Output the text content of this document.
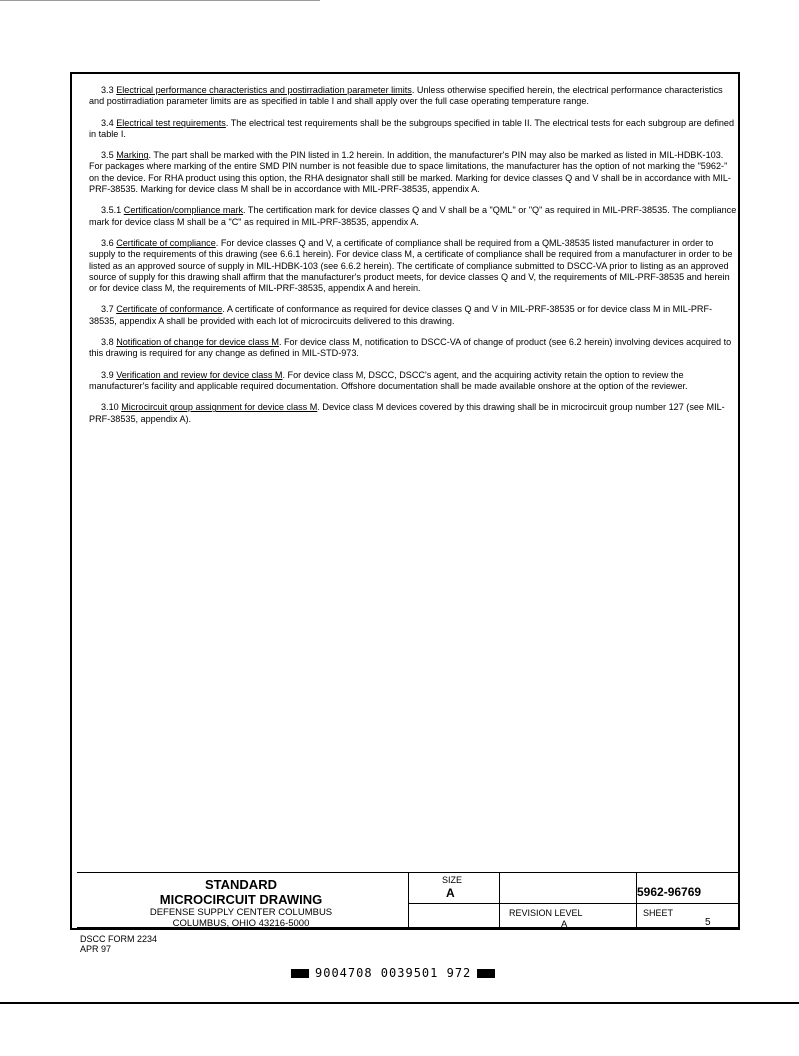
3.3 Electrical performance characteristics and postirradiation parameter limits. Unless otherwise specified herein, the electrical performance characteristics and postirradiation parameter limits are as specified in table I and shall apply over the full case operating temperature range.

3.4 Electrical test requirements. The electrical test requirements shall be the subgroups specified in table II. The electrical tests for each subgroup are defined in table I.

3.5 Marking. The part shall be marked with the PIN listed in 1.2 herein. In addition, the manufacturer's PIN may also be marked as listed in MIL-HDBK-103. For packages where marking of the entire SMD PIN number is not feasible due to space limitations, the manufacturer has the option of not marking the "5962-" on the device. For RHA product using this option, the RHA designator shall still be marked. Marking for device classes Q and V shall be in accordance with MIL-PRF-38535. Marking for device class M shall be in accordance with MIL-PRF-38535, appendix A.

3.5.1 Certification/compliance mark. The certification mark for device classes Q and V shall be a "QML" or "Q" as required in MIL-PRF-38535. The compliance mark for device class M shall be a "C" as required in MIL-PRF-38535, appendix A.

3.6 Certificate of compliance. For device classes Q and V, a certificate of compliance shall be required from a QML-38535 listed manufacturer in order to supply to the requirements of this drawing (see 6.6.1 herein). For device class M, a certificate of compliance shall be required from a manufacturer in order to be listed as an approved source of supply in MIL-HDBK-103 (see 6.6.2 herein). The certificate of compliance submitted to DSCC-VA prior to listing as an approved source of supply for this drawing shall affirm that the manufacturer's product meets, for device classes Q and V, the requirements of MIL-PRF-38535 and herein or for device class M, the requirements of MIL-PRF-38535, appendix A and herein.

3.7 Certificate of conformance. A certificate of conformance as required for device classes Q and V in MIL-PRF-38535 or for device class M in MIL-PRF-38535, appendix A shall be provided with each lot of microcircuits delivered to this drawing.

3.8 Notification of change for device class M. For device class M, notification to DSCC-VA of change of product (see 6.2 herein) involving devices acquired to this drawing is required for any change as defined in MIL-STD-973.

3.9 Verification and review for device class M. For device class M, DSCC, DSCC's agent, and the acquiring activity retain the option to review the manufacturer's facility and applicable required documentation. Offshore documentation shall be made available onshore at the option of the reviewer.

3.10 Microcircuit group assignment for device class M. Device class M devices covered by this drawing shall be in microcircuit group number 127 (see MIL-PRF-38535, appendix A).

STANDARD
MICROCIRCUIT DRAWING
DEFENSE SUPPLY CENTER COLUMBUS
COLUMBUS, OHIO 43216-5000
SIZE
A	5962-96769
REVISION LEVEL
A
SHEET
5
DSCC FORM 2234
APR 97
9004708 0039501 972
